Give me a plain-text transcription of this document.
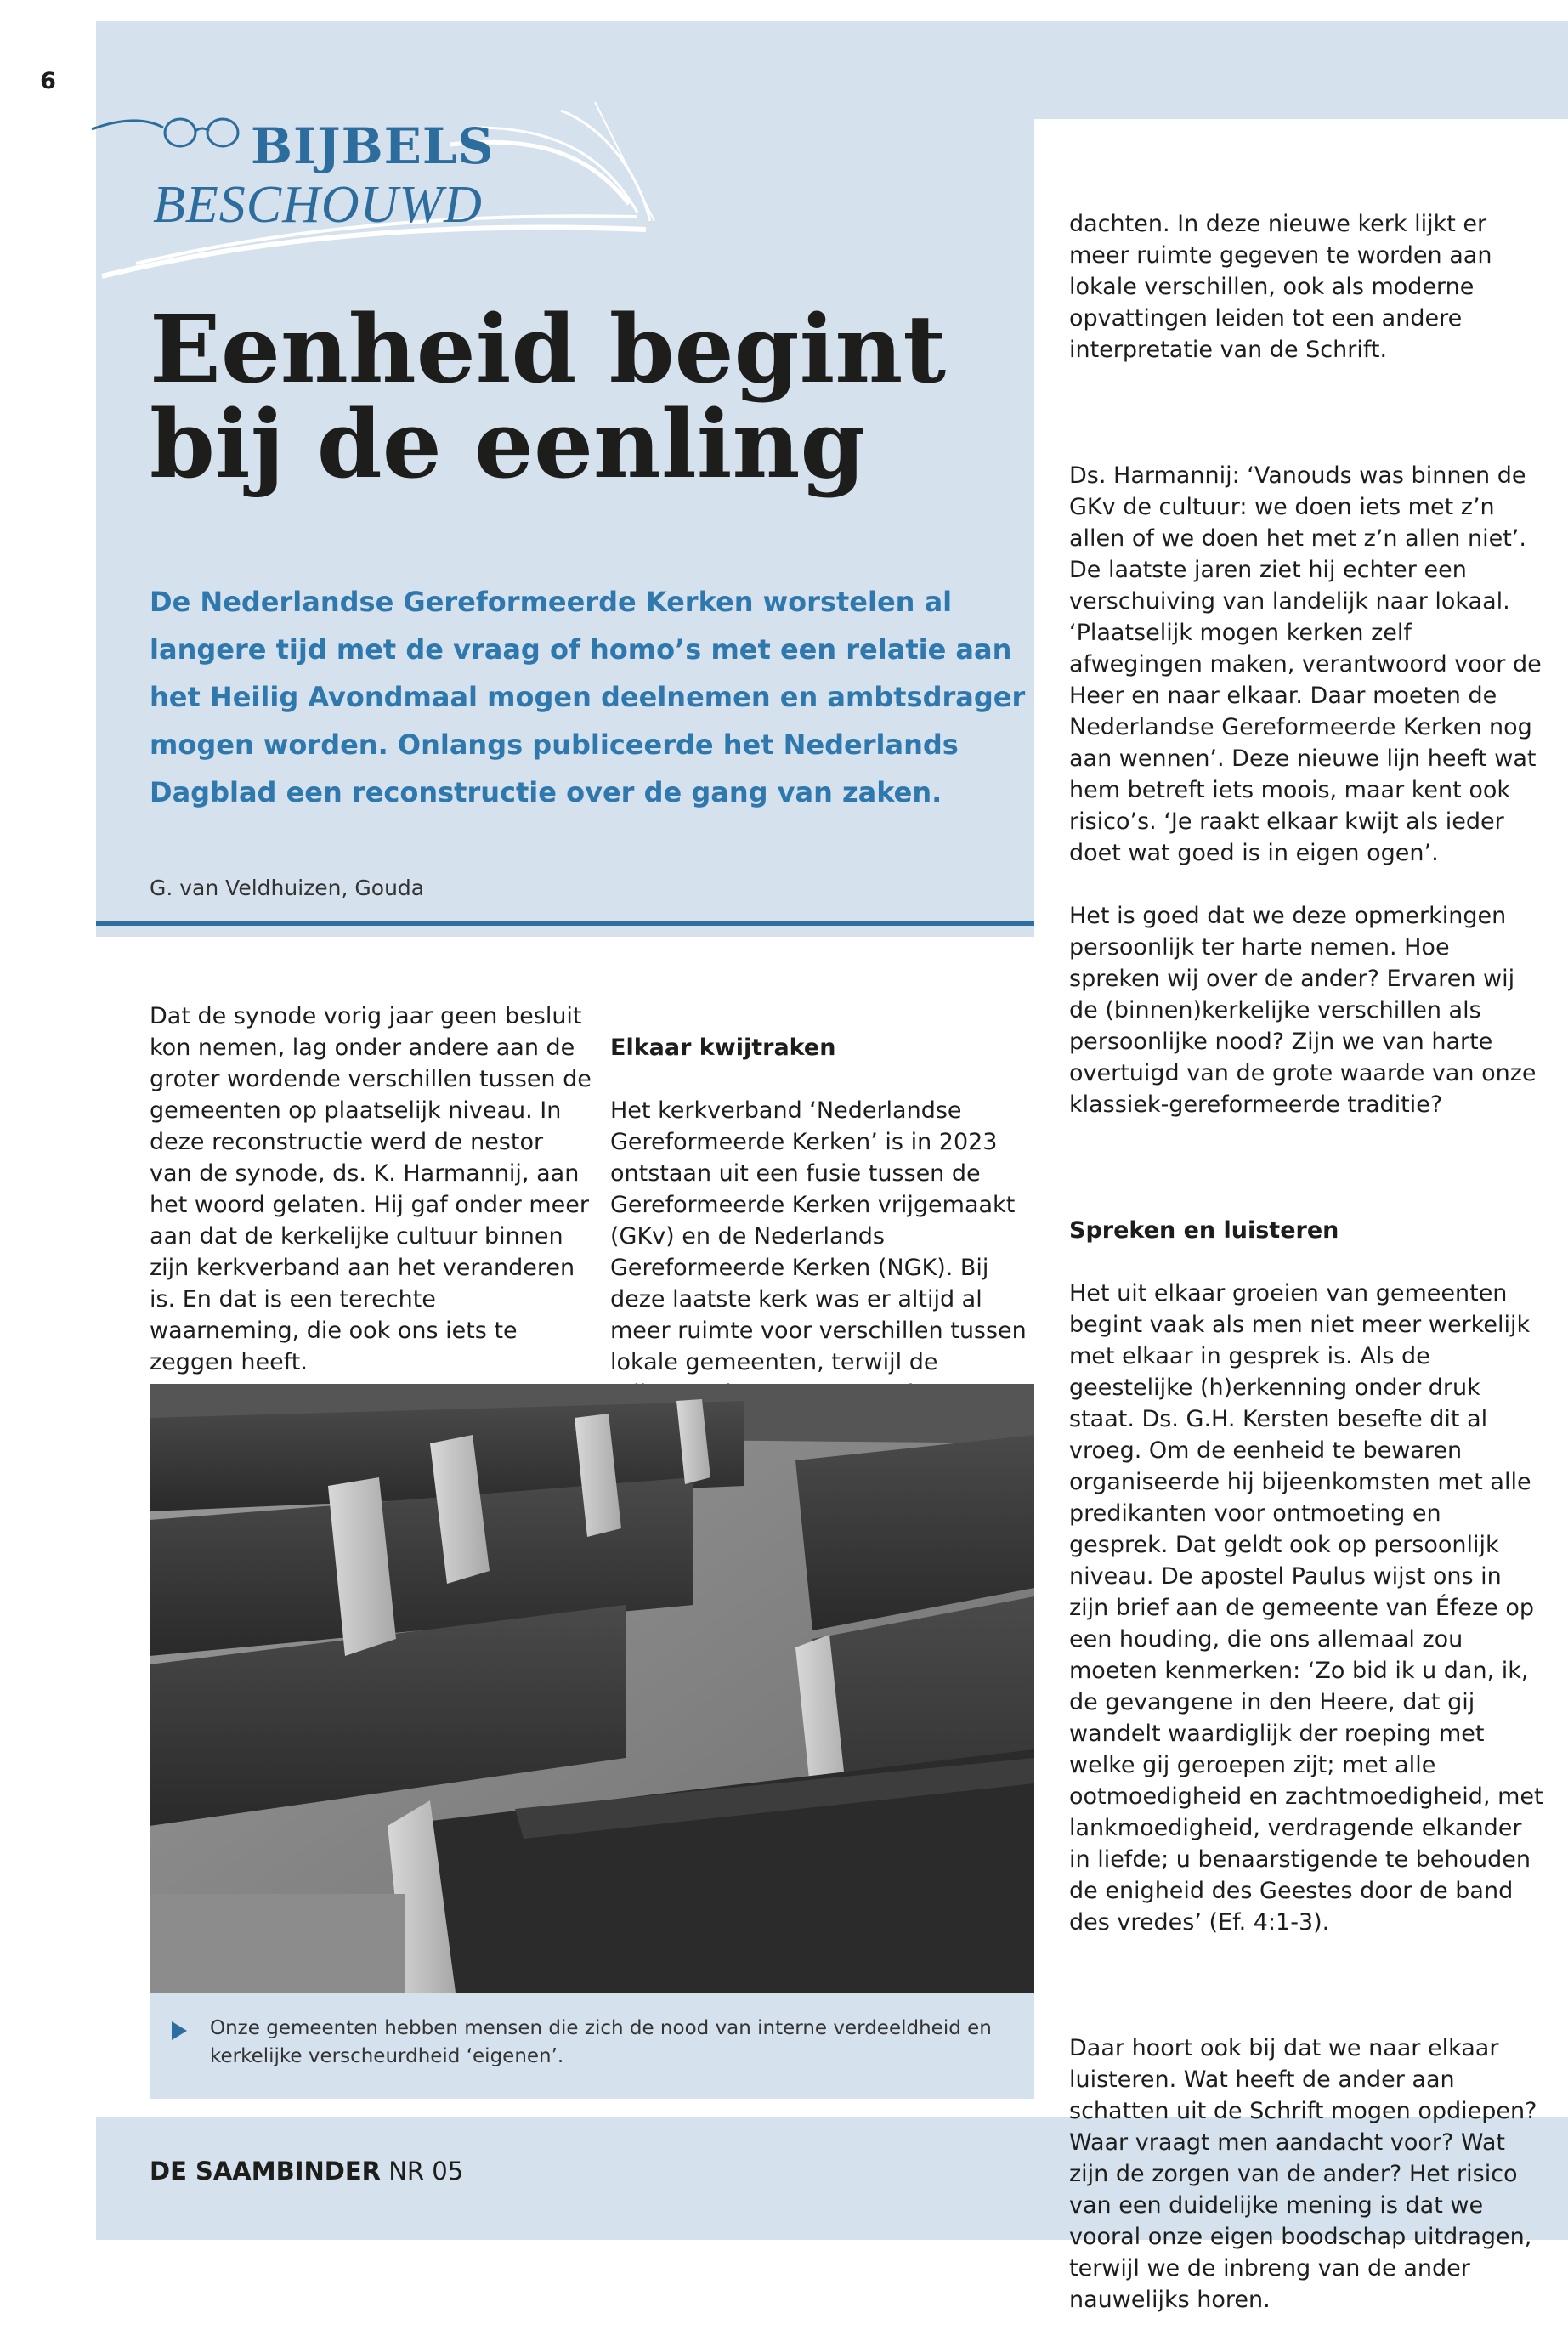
6
BIJBELS
BESCHOUWD
Eenheid begint bij de eenling

De Nederlandse Gereformeerde Kerken worstelen al langere tijd met de vraag of homo’s met een relatie aan het Heilig Avondmaal mogen deelnemen en ambtsdrager mogen worden. Onlangs publiceerde het Nederlands Dagblad een reconstructie over de gang van zaken.

G. van Veldhuizen, Gouda

Dat de synode vorig jaar geen besluit kon nemen, lag onder andere aan de groter wordende verschillen tussen de gemeenten op plaatselijk niveau. In deze reconstructie werd de nestor van de synode, ds. K. Harmannij, aan het woord gelaten. Hij gaf onder meer aan dat de kerkelijke cultuur binnen zijn kerkverband aan het veranderen is. En dat is een terechte waarneming, die ook ons iets te zeggen heeft.

Elkaar kwijtraken

Het kerkverband ‘Nederlandse Gereformeerde Kerken’ is in 2023 ontstaan uit een fusie tussen de Gereformeerde Kerken vrijgemaakt (GKv) en de Nederlands Gereformeerde Kerken (NGK). Bij deze laatste kerk was er altijd al meer ruimte voor verschillen tussen lokale gemeenten, terwijl de

dachten. In deze nieuwe kerk lijkt er meer ruimte gegeven te worden aan lokale verschillen, ook als moderne opvattingen leiden tot een andere interpretatie van de Schrift.

Ds. Harmannij: ‘Vanouds was binnen de GKv de cultuur: we doen iets met z’n allen of we doen het met z’n allen niet’. De laatste jaren ziet hij echter een verschuiving van landelijk naar lokaal. ‘Plaatselijk mogen kerken zelf afwegingen maken, verantwoord voor de Heer en naar elkaar. Daar moeten de Nederlandse Gereformeerde Kerken nog aan wennen’. Deze nieuwe lijn heeft wat hem betreft iets moois, maar kent ook risico’s. ‘Je raakt elkaar kwijt als ieder doet wat goed is in eigen ogen’.

Het is goed dat we deze opmerkingen persoonlijk ter harte nemen. Hoe spreken wij over de ander? Ervaren wij de (binnen)kerkelijke verschillen als persoonlijke nood? Zijn we van harte overtuigd van de grote waarde van onze klassiek-gereformeerde traditie?

Spreken en luisteren

Het uit elkaar groeien van gemeenten begint vaak als men niet meer werkelijk met elkaar in gesprek is. Als de geestelijke (h)erkenning onder druk staat. Ds. G.H. Kersten besefte dit al vroeg. Om de eenheid te bewaren organiseerde hij bijeenkomsten met alle predikanten voor ontmoeting en gesprek. Dat geldt ook op persoonlijk niveau. De apostel Paulus wijst ons in zijn brief aan de gemeente van Éfeze op een houding, die ons allemaal zou moeten kenmerken: ‘Zo bid ik u dan, ik, de gevangene in den Heere, dat gij wandelt waardiglijk der roeping met welke gij geroepen zijt; met alle ootmoedigheid en zachtmoedigheid, met lankmoedigheid, verdragende elkander in liefde; u benaarstigende te behouden de enigheid des Geestes door de band des vredes’ (Ef. 4:1-3).

Daar hoort ook bij dat we naar elkaar luisteren. Wat heeft de ander aan schatten uit de Schrift mogen opdiepen? Waar vraagt men aandacht voor? Wat zijn de zorgen van de ander? Het risico van een duidelijke mening is dat we vooral onze eigen boodschap uitdragen, terwijl we de inbreng van de ander nauwelijks horen.

Onze gemeenten hebben mensen die zich de nood van interne verdeeldheid en kerkelijke verscheurdheid ‘eigenen’.

DE SAAMBINDER NR 05
